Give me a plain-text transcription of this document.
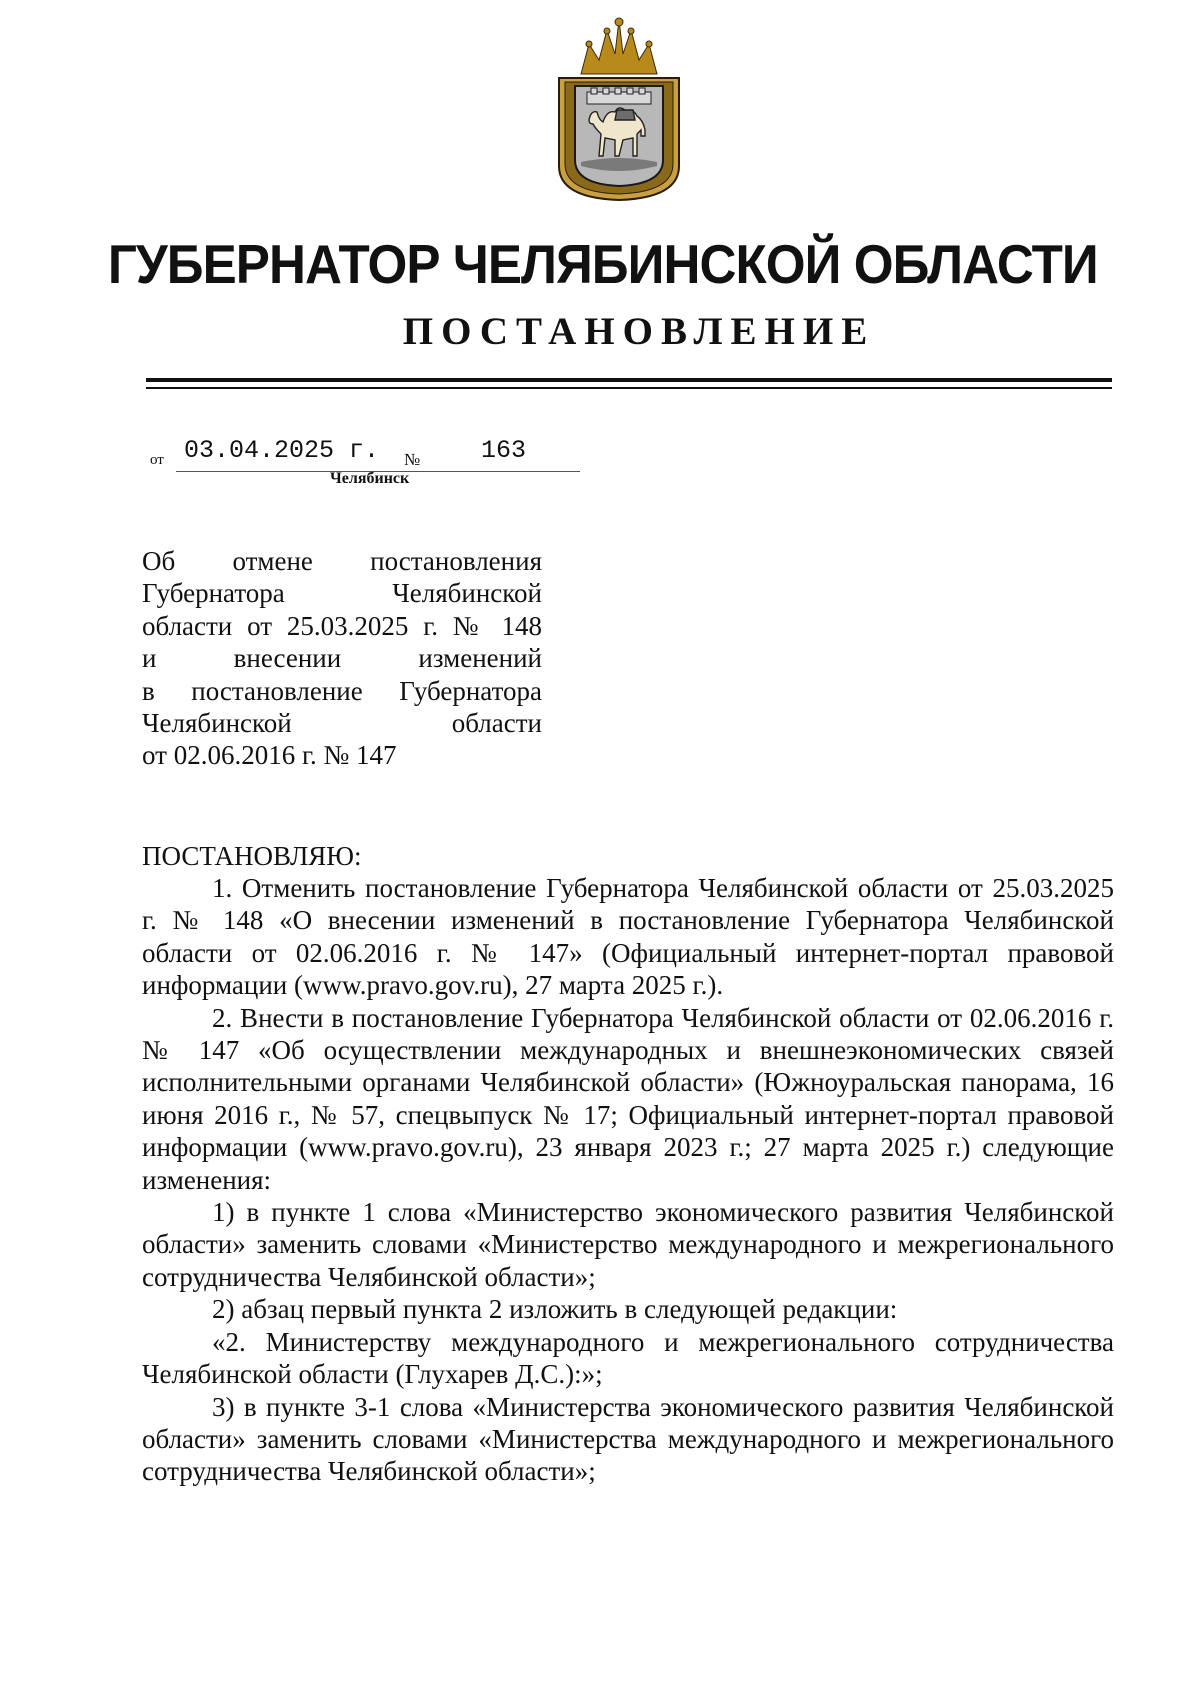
ГУБЕРНАТОР ЧЕЛЯБИНСКОЙ ОБЛАСТИ
ПОСТАНОВЛЕНИЕ
от 03.04.2025 г. № 163
Челябинск
Об отмене постановления
Губернатора Челябинской
области от 25.03.2025 г. № 148
и внесении изменений
в постановление Губернатора
Челябинской области
от 02.06.2016 г. № 147

ПОСТАНОВЛЯЮ:

1. Отменить постановление Губернатора Челябинской области от 25.03.2025 г. № 148 «О внесении изменений в постановление Губернатора Челябинской области от 02.06.2016 г. № 147» (Официальный интернет-портал правовой информации (www.pravo.gov.ru), 27 марта 2025 г.).

2. Внести в постановление Губернатора Челябинской области от 02.06.2016 г. № 147 «Об осуществлении международных и внешнеэкономических связей исполнительными органами Челябинской области» (Южноуральская панорама, 16 июня 2016 г., № 57, спецвыпуск № 17; Официальный интернет-портал правовой информации (www.pravo.gov.ru), 23 января 2023 г.; 27 марта 2025 г.) следующие изменения:

1) в пункте 1 слова «Министерство экономического развития Челябинской области» заменить словами «Министерство международного и межрегионального сотрудничества Челябинской области»;

2) абзац первый пункта 2 изложить в следующей редакции:

«2. Министерству международного и межрегионального сотрудничества Челябинской области (Глухарев Д.С.):»;

3) в пункте 3-1 слова «Министерства экономического развития Челябинской области» заменить словами «Министерства международного и межрегионального сотрудничества Челябинской области»;
